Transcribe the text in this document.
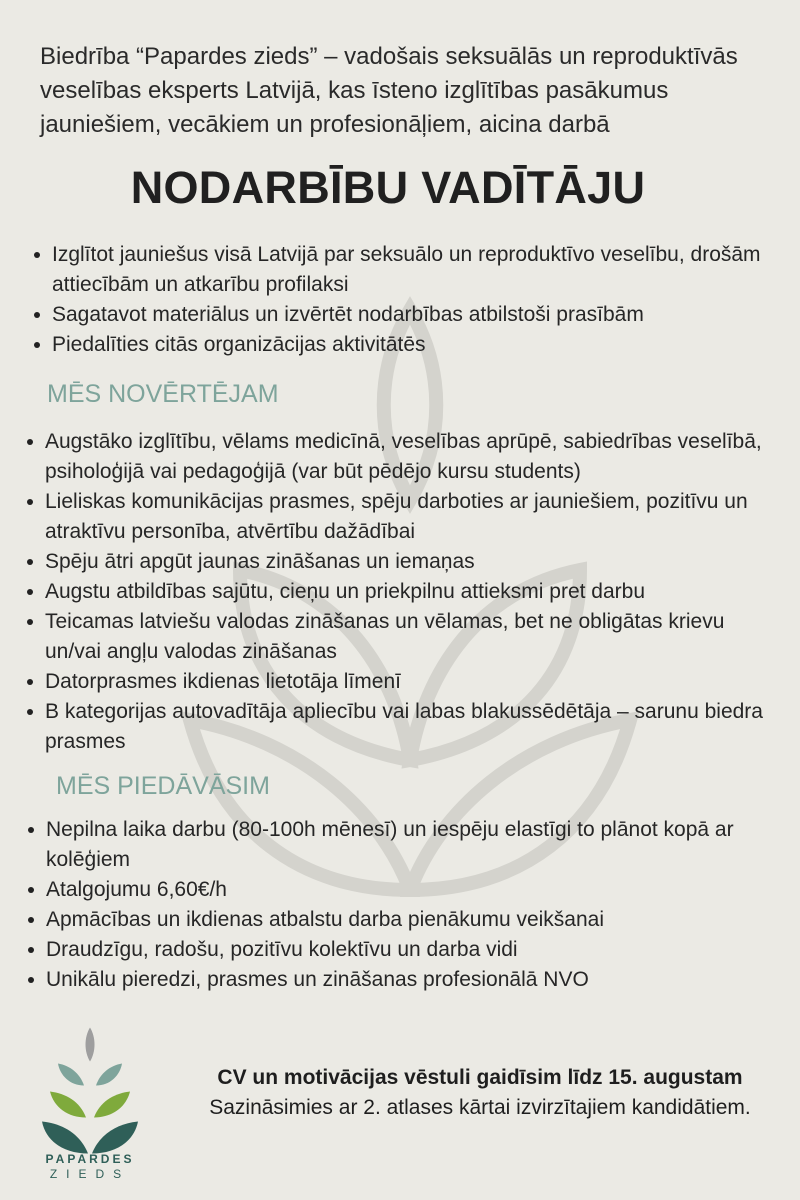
Biedrība “Papardes zieds” – vadošais seksuālās un reproduktīvās veselības eksperts Latvijā, kas īsteno izglītības pasākumus jauniešiem, vecākiem un profesionāļiem, aicina darbā

NODARBĪBU VADĪTĀJU
Izglītot jauniešus visā Latvijā par seksuālo un reproduktīvo veselību, drošām attiecībām un atkarību profilaksi
Sagatavot materiālus un izvērtēt nodarbības atbilstoši prasībām
Piedalīties citās organizācijas aktivitātēs
MĒS NOVĒRTĒJAM
Augstāko izglītību, vēlams medicīnā, veselības aprūpē, sabiedrības veselībā, psiholoģijā vai pedagoģijā (var būt pēdējo kursu students)
Lieliskas komunikācijas prasmes, spēju darboties ar jauniešiem, pozitīvu un atraktīvu personība, atvērtību dažādībai
Spēju ātri apgūt jaunas zināšanas un iemaņas
Augstu atbildības sajūtu, cieņu un priekpilnu attieksmi pret darbu
Teicamas latviešu valodas zināšanas un vēlamas, bet ne obligātas krievu un/vai angļu valodas zināšanas
Datorprasmes ikdienas lietotāja līmenī
B kategorijas autovadītāja apliecību vai labas blakussēdētāja – sarunu biedra prasmes
MĒS PIEDĀVĀSIM
Nepilna laika darbu (80-100h mēnesī) un iespēju elastīgi to plānot kopā ar kolēģiem
Atalgojumu 6,60€/h
Apmācības un ikdienas atbalstu darba pienākumu veikšanai
Draudzīgu, radošu, pozitīvu kolektīvu un darba vidi
Unikālu pieredzi, prasmes un zināšanas profesionālā NVO
PAPARDES
ZIEDS
CV un motivācijas vēstuli gaidīsim līdz 15. augustam
Sazināsimies ar 2. atlases kārtai izvirzītajiem kandidātiem.
